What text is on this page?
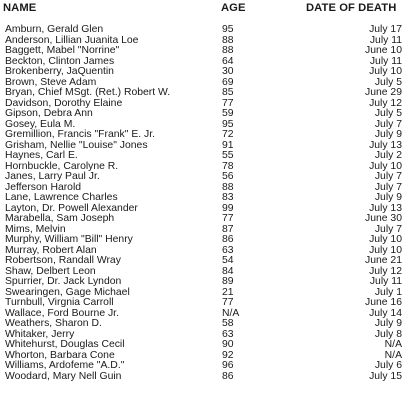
NAME	AGE	DATE OF DEATH
Amburn, Gerald Glen	95	July 17
Anderson, Lillian Juanita Loe	88	July 11
Baggett, Mabel "Norrine"	88	June 10
Beckton, Clinton James	64	July 11
Brokenberry, JaQuentin	30	July 10
Brown, Steve Adam	69	July 5
Bryan, Chief MSgt. (Ret.) Robert W.	85	June 29
Davidson, Dorothy Elaine	77	July 12
Gipson, Debra Ann	59	July 5
Gosey, Eula M.	95	July 7
Gremillion, Francis "Frank" E. Jr.	72	July 9
Grisham, Nellie "Louise" Jones	91	July 13
Haynes, Carl E.	55	July 2
Hornbuckle, Carolyne R.	78	July 10
Janes, Larry Paul Jr.	56	July 7
Jefferson Harold	88	July 7
Lane, Lawrence Charles	83	July 9
Layton, Dr. Powell Alexander	99	July 13
Marabella, Sam Joseph	77	June 30
Mims, Melvin	87	July 7
Murphy, William "Bill" Henry	86	July 10
Murray, Robert Alan	63	July 10
Robertson, Randall Wray	54	June 21
Shaw, Delbert Leon	84	July 12
Spurrier, Dr. Jack Lyndon	89	July 11
Swearingen, Gage Michael	21	July 1
Turnbull, Virgnia Carroll	77	June 16
Wallace, Ford Bourne Jr.	N/A	July 14
Weathers, Sharon D.	58	July 9
Whitaker, Jerry	63	July 8
Whitehurst, Douglas Cecil	90	N/A
Whorton, Barbara Cone	92	N/A
Williams, Ardofeme "A.D."	96	July 6
Woodard, Mary Nell Guin	86	July 15
